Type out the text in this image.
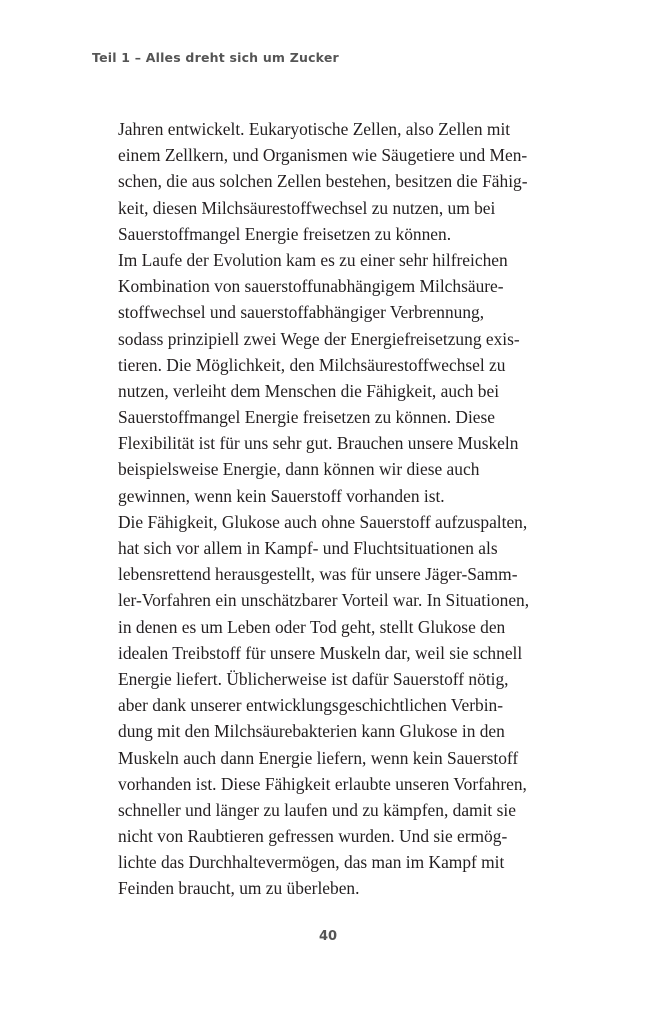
Teil 1 – Alles dreht sich um Zucker
Jahren entwickelt. Eukaryotische Zellen, also Zellen mit
einem Zellkern, und Organismen wie Säugetiere und Men-
schen, die aus solchen Zellen bestehen, besitzen die Fähig-
keit, diesen Milchsäurestoffwechsel zu nutzen, um bei
Sauerstoffmangel Energie freisetzen zu können.
Im Laufe der Evolution kam es zu einer sehr hilfreichen
Kombination von sauerstoffunabhängigem Milchsäure-
stoffwechsel und sauerstoffabhängiger Verbrennung,
sodass prinzipiell zwei Wege der Energiefreisetzung exis-
tieren. Die Möglichkeit, den Milchsäurestoffwechsel zu
nutzen, verleiht dem Menschen die Fähigkeit, auch bei
Sauerstoffmangel Energie freisetzen zu können. Diese
Flexibilität ist für uns sehr gut. Brauchen unsere Muskeln
beispielsweise Energie, dann können wir diese auch
gewinnen, wenn kein Sauerstoff vorhanden ist.
Die Fähigkeit, Glukose auch ohne Sauerstoff aufzuspalten,
hat sich vor allem in Kampf- und Fluchtsituationen als
lebensrettend herausgestellt, was für unsere Jäger-Samm-
ler-Vorfahren ein unschätzbarer Vorteil war. In Situationen,
in denen es um Leben oder Tod geht, stellt Glukose den
idealen Treibstoff für unsere Muskeln dar, weil sie schnell
Energie liefert. Üblicherweise ist dafür Sauerstoff nötig,
aber dank unserer entwicklungsgeschichtlichen Verbin-
dung mit den Milchsäurebakterien kann Glukose in den
Muskeln auch dann Energie liefern, wenn kein Sauerstoff
vorhanden ist. Diese Fähigkeit erlaubte unseren Vorfahren,
schneller und länger zu laufen und zu kämpfen, damit sie
nicht von Raubtieren gefressen wurden. Und sie ermög-
lichte das Durchhaltevermögen, das man im Kampf mit
Feinden braucht, um zu überleben.
40
